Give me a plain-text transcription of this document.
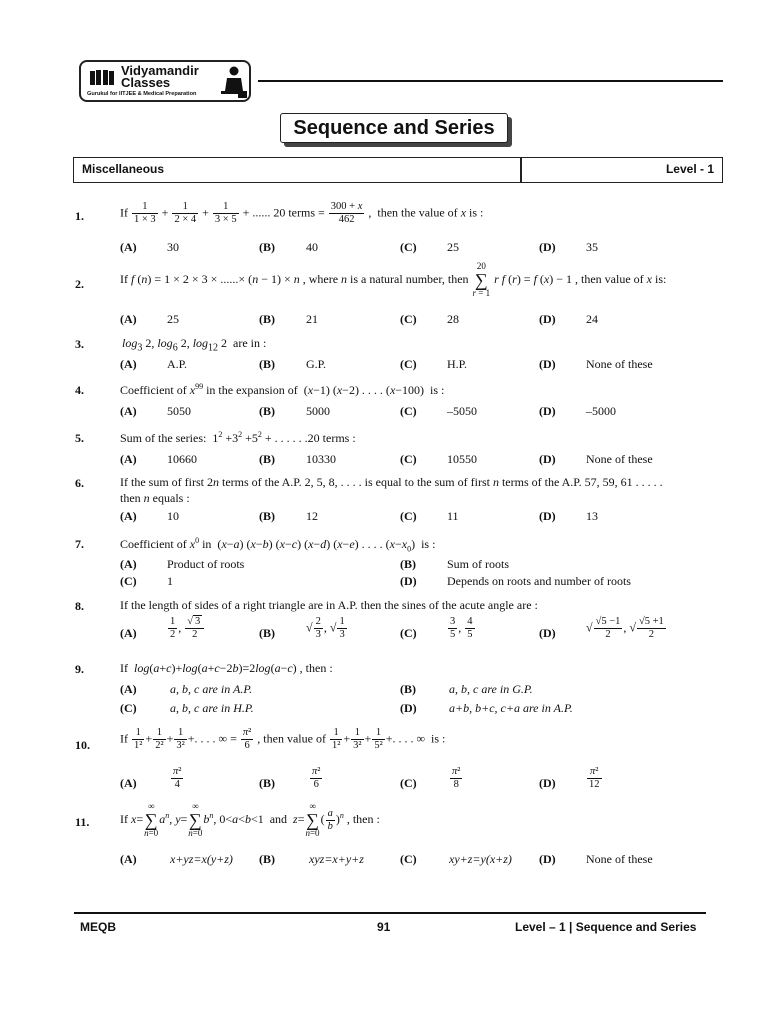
Vidyamandir
Classes
Gurukul for IITJEE & Medical Preparation
Sequence and Series
Miscellaneous	Level - 1
1.	If $\frac{1}{1 \times 3} + \frac{1}{2 \times 4} + \frac{1}{3 \times 5}$ + ...... 20 terms = $\frac{300 + x}{462}$ ,  then the value of x is :
(A)	30	(B)	40	(C)	25	(D)	35
2.	If f (n) = 1 × 2 × 3 × ......× (n − 1) × n , where n is a natural number, then 20
∑
r = 1 r f (r) = f (x) − 1 , then value of x is:
(A)	25	(B)	21	(C)	28	(D)	24
3.	$\log_3 2$, $\log_6 2$, $\log_{12} 2$  are in :
(A)	A.P.	(B)	G.P.	(C)	H.P.	(D)	None of these
4.	Coefficient of $x^{99}$ in the expansion of  (x−1) (x−2) . . . . (x−100)  is :
(A)	5050	(B)	5000	(C)	–5050	(D)	–5000
5.	Sum of the series:  $1^2 +3^2 +5^2$ + . . . . . .20 terms :
(A)	10660	(B)	10330	(C)	10550	(D)	None of these
6.	If the sum of first 2n terms of the A.P. 2, 5, 8, . . . . is equal to the sum of first n terms of the A.P. 57, 59, 61 . . . . .
then n equals :
(A)	10	(B)	12	(C)	11	(D)	13
7.	Coefficient of $x^0$ in  (x−a) (x−b) (x−c) (x−d) (x−e) . . . . $(x-x_0)$  is :
(A)	Product of roots	(B)	Sum of roots
(C)	1	(D)	Depends on roots and number of roots
8.	If the length of sides of a right triangle are in A.P. then the sines of the acute angle are :
(A)	$\frac{1}{2}$ , $\frac{√ 3}{2}$	(B)	√ $\frac{2}{3}$ , √ $\frac{1}{3}$	(C)	$\frac{3}{5}$ , $\frac{4}{5}$	(D)	√ $\frac{√5 -1}{2}$ , √ $\frac{√5 +1}{2}$
9.	If  log(a+c)+log(a+c−2b)=2log(a−c) , then :
(A)	a, b, c are in A.P.	(B)	a, b, c are in G.P.
(C)	a, b, c are in H.P.	(D)	a+b, b+c, c+a are in A.P.
10.	If $\frac{1}{\text{1²}} + \frac{1}{\text{2²}} + \frac{1}{\text{3²}}$ +. . . . ∞ = $\frac{\text{π²}}{6}$ , then value of $\frac{1}{\text{1²}} + \frac{1}{\text{3²}} + \frac{1}{\text{5²}}$ +. . . . ∞  is :
(A)	$\frac{\text{π²}}{4}$	(B)	$\frac{\text{π²}}{6}$	(C)	$\frac{\text{π²}}{8}$	(D)	$\frac{\text{π²}}{12}$
11.	If x=∞
∑
$n=0a^n$, y=∞
∑
$n=0b^n$, 0<a<b<1  and  z=∞
∑
$n=0( \frac{a}{b} )^n$ , then :
(A)	x+yz=x(y+z) (B)	xyz=x+y+z	(C)	xy+z=y(x+z) (D)	None of these
MEQB	91	Level – 1 | Sequence and Series
